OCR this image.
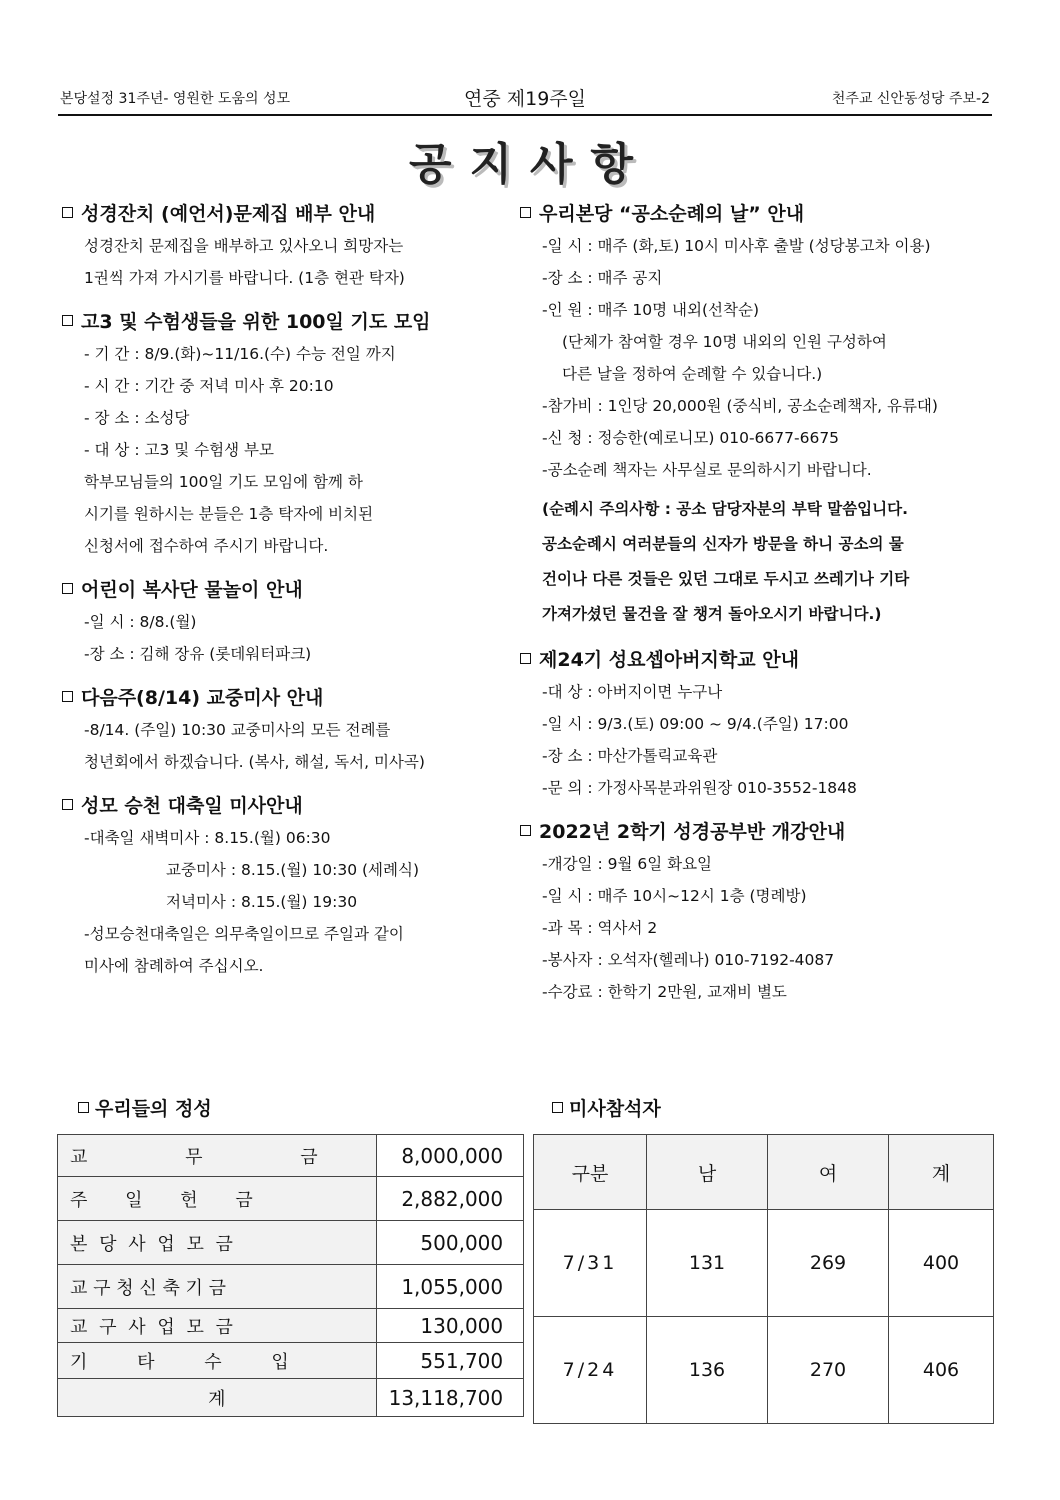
본당설정 31주년- 영원한 도움의 성모	연중 제19주일	천주교 신안동성당 주보-2
공지사항
성경잔치 (예언서)문제집 배부 안내
성경잔치 문제집을 배부하고 있사오니 희망자는
1권씩 가져 가시기를 바랍니다. (1층 현관 탁자)
고3 및 수험생들을 위한 100일 기도 모임
- 기 간 : 8/9.(화)~11/16.(수) 수능 전일 까지
- 시 간 : 기간 중 저녁 미사 후 20:10
- 장 소 : 소성당
- 대 상 : 고3 및 수험생 부모
학부모님들의 100일 기도 모임에 함께 하
시기를 원하시는 분들은 1층 탁자에 비치된
신청서에 접수하여 주시기 바랍니다.
어린이 복사단 물놀이 안내
-일 시 : 8/8.(월)
-장 소 : 김해 장유 (롯데워터파크)
다음주(8/14) 교중미사 안내
-8/14. (주일) 10:30 교중미사의 모든 전례를
청년회에서 하겠습니다. (복사, 해설, 독서, 미사곡)
성모 승천 대축일 미사안내
-대축일 새벽미사 : 8.15.(월) 06:30
교중미사 : 8.15.(월) 10:30 (세례식)
저녁미사 : 8.15.(월) 19:30
-성모승천대축일은 의무축일이므로 주일과 같이
미사에 참례하여 주십시오.
우리본당 “공소순례의 날” 안내
-일 시 : 매주 (화,토) 10시 미사후 출발 (성당봉고차 이용)
-장 소 : 매주 공지
-인 원 : 매주 10명 내외(선착순)
(단체가 참여할 경우 10명 내외의 인원 구성하여
다른 날을 정하여 순례할 수 있습니다.)
-참가비 : 1인당 20,000원 (중식비, 공소순례책자, 유류대)
-신 청 : 정승한(예로니모) 010-6677-6675
-공소순례 책자는 사무실로 문의하시기 바랍니다.
(순례시 주의사항 : 공소 담당자분의 부탁 말씀입니다.
공소순례시 여러분들의 신자가 방문을 하니 공소의 물
건이나 다른 것들은 있던 그대로 두시고 쓰레기나 기타
가져가셨던 물건을 잘 챙겨 돌아오시기 바랍니다.)
제24기 성요셉아버지학교 안내
-대 상 : 아버지이면 누구나
-일 시 : 9/3.(토) 09:00 ~ 9/4.(주일) 17:00
-장 소 : 마산가톨릭교육관
-문 의 : 가정사목분과위원장 010-3552-1848
2022년 2학기 성경공부반 개강안내
-개강일 : 9월 6일 화요일
-일 시 : 매주 10시~12시 1층 (명례방)
-과 목 : 역사서 2
-봉사자 : 오석자(헬레나) 010-7192-4087
-수강료 : 한학기 2만원, 교재비 별도
우리들의 정성
교 무 금	8,000,000
주 일 헌 금	2,882,000
본 당 사 업 모 금	500,000
교 구 청 신 축 기 금	1,055,000
교 구 사 업 모 금	130,000
기 타 수 입	551,700
계	13,118,700
미사참석자
구분	남	여	계
7/31	131	269	400
7/24	136	270	406
